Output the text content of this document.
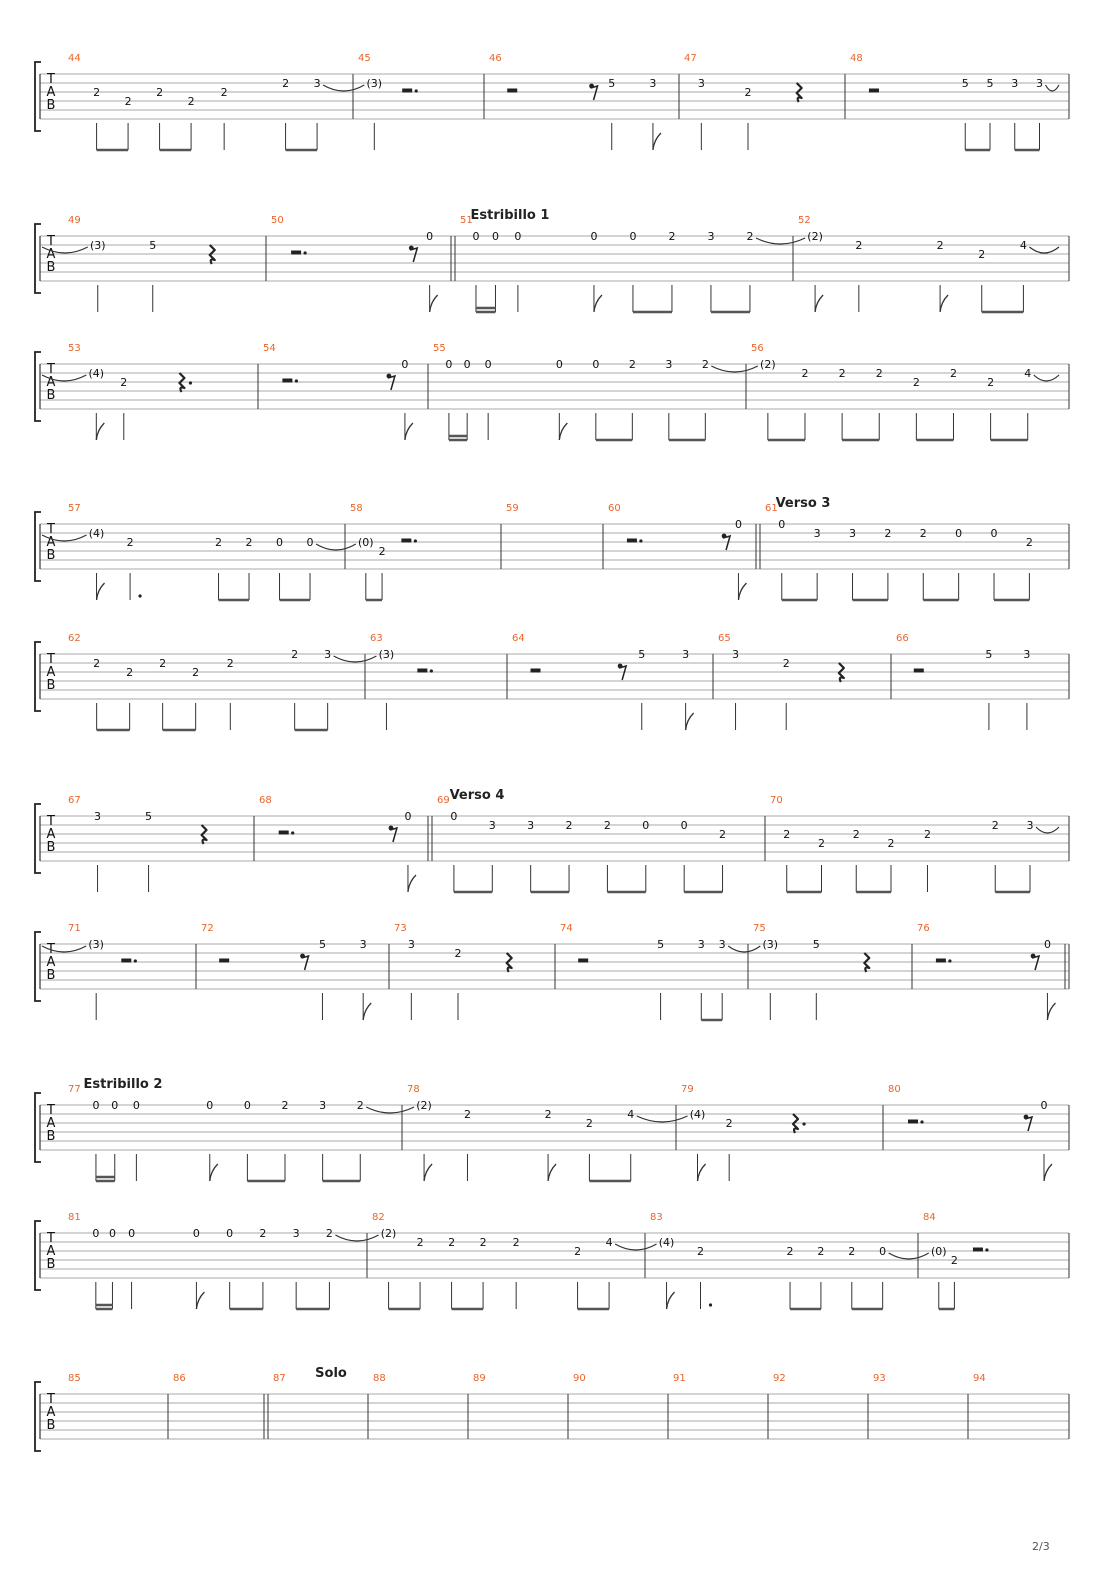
T
A
B
44
2
2
2
2
2
2 3
45
(3)
46
5	3
47
3
2
48
5 5 3 3
Estribillo 1
T
A
B
49
(3)	5
50
0
51
0 0 0	0	0	2	3	2
52
(2)
2	2
2
4
T
A
B
53
(4)
2
54
0
55
0 0 0	0	0	2	3	2
56
(2)
2	2	2
2
2
2
4
Verso 3
T
A
B
57
(4)
2	2 2 0 0
58
(0)
2
59	60
0
61
0
3	3	2	2	0	0
2
T
A
B
62
2
2
2
2
2
2 3
63
(3)
64
5	3
65
3
2
66
5	3
Verso 4
T
A
B
67
3	5
68
0
69
0
3	3	2	2	0	0
2
70
2
2
2
2
2
2	3
T
A
B
71
(3)
72
5	3
73
3
2
74
5	3 3
75
(3)	5
76
0
Estribillo 2
T
A
B
77
0 0 0	0	0	2	3	2
78
(2)
2	2
2
4
79
(4)
2
80
0
T
A
B
81
0 0 0	0 0 2 3 2
82
(2)
2 2 2 2
2
4
83
(4)
2	2 2 2 0
84
(0)
2
Solo
T
A
B
85	86	87	88	89	90	91	92	93	94
2/3
